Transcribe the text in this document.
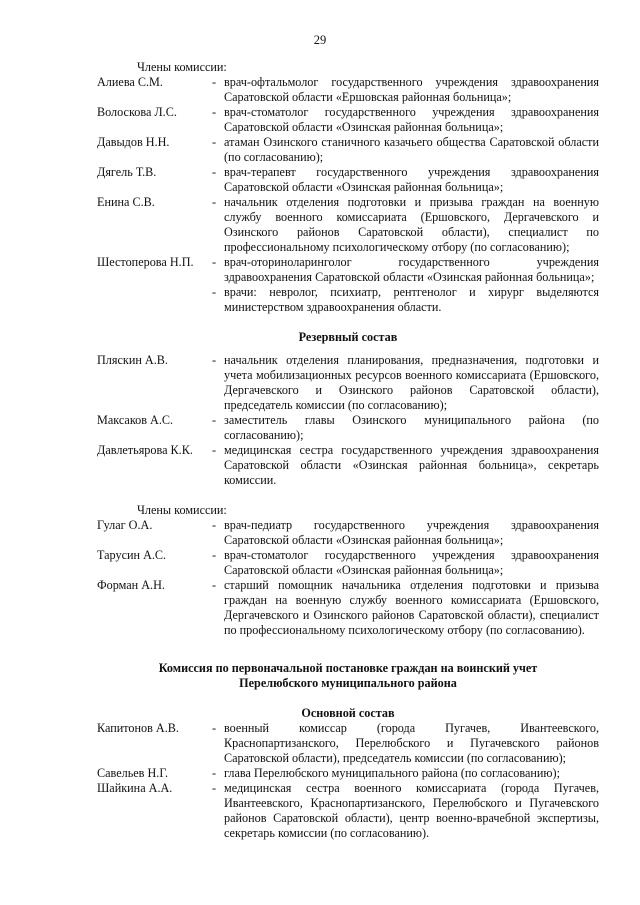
29
Члены комиссии:
Алиева С.М.	- врач-офтальмолог государственного учреждения здравоохранения Саратовской области «Ершовская районная больница»;
Волоскова Л.С.	- врач-стоматолог государственного учреждения здравоохранения Саратовской области «Озинская районная больница»;
Давыдов Н.Н.	- атаман Озинского станичного казачьего общества Саратовской области (по согласованию);
Дягель Т.В.	- врач-терапевт государственного учреждения здравоохранения Саратовской области «Озинская районная больница»;
Енина С.В.	- начальник отделения подготовки и призыва граждан на военную службу военного комиссариата (Ершовского, Дергачевского и Озинского районов Саратовской области), специалист по профессиональному психологическому отбору (по согласованию);
Шестоперова Н.П.	- врач-оториноларинголог государственного учреждения здравоохранения Саратовской области «Озинская районная больница»;
- врачи: невролог, психиатр, рентгенолог и хирург выделяются министерством здравоохранения области.
Резервный состав
Пляскин А.В.	- начальник отделения планирования, предназначения, подготовки и учета мобилизационных ресурсов военного комиссариата (Ершовского, Дергачевского и Озинского районов Саратовской области), председатель комиссии (по согласованию);
Максаков А.С.	- заместитель главы Озинского муниципального района (по согласованию);
Давлетьярова К.К.	- медицинская сестра государственного учреждения здравоохранения Саратовской области «Озинская районная больница», секретарь комиссии.
Члены комиссии:
Гулаг О.А.	- врач-педиатр государственного учреждения здравоохранения Саратовской области «Озинская районная больница»;
Тарусин А.С.	- врач-стоматолог государственного учреждения здравоохранения Саратовской области «Озинская районная больница»;
Форман А.Н.	- старший помощник начальника отделения подготовки и призыва граждан на военную службу военного комиссариата (Ершовского, Дергачевского и Озинского районов Саратовской области), специалист по профессиональному психологическому отбору (по согласованию).
Комиссия по первоначальной постановке граждан на воинский учет
Перелюбского муниципального района
Основной состав
Капитонов А.В.	- военный комиссар (города Пугачев, Ивантеевского, Краснопартизанского, Перелюбского и Пугачевского районов Саратовской области), председатель комиссии (по согласованию);
Савельев Н.Г.	- глава Перелюбского муниципального района (по согласованию);
Шайкина А.А.	- медицинская сестра военного комиссариата (города Пугачев, Ивантеевского, Краснопартизанского, Перелюбского и Пугачевского районов Саратовской области), центр военно-врачебной экспертизы, секретарь комиссии (по согласованию).
